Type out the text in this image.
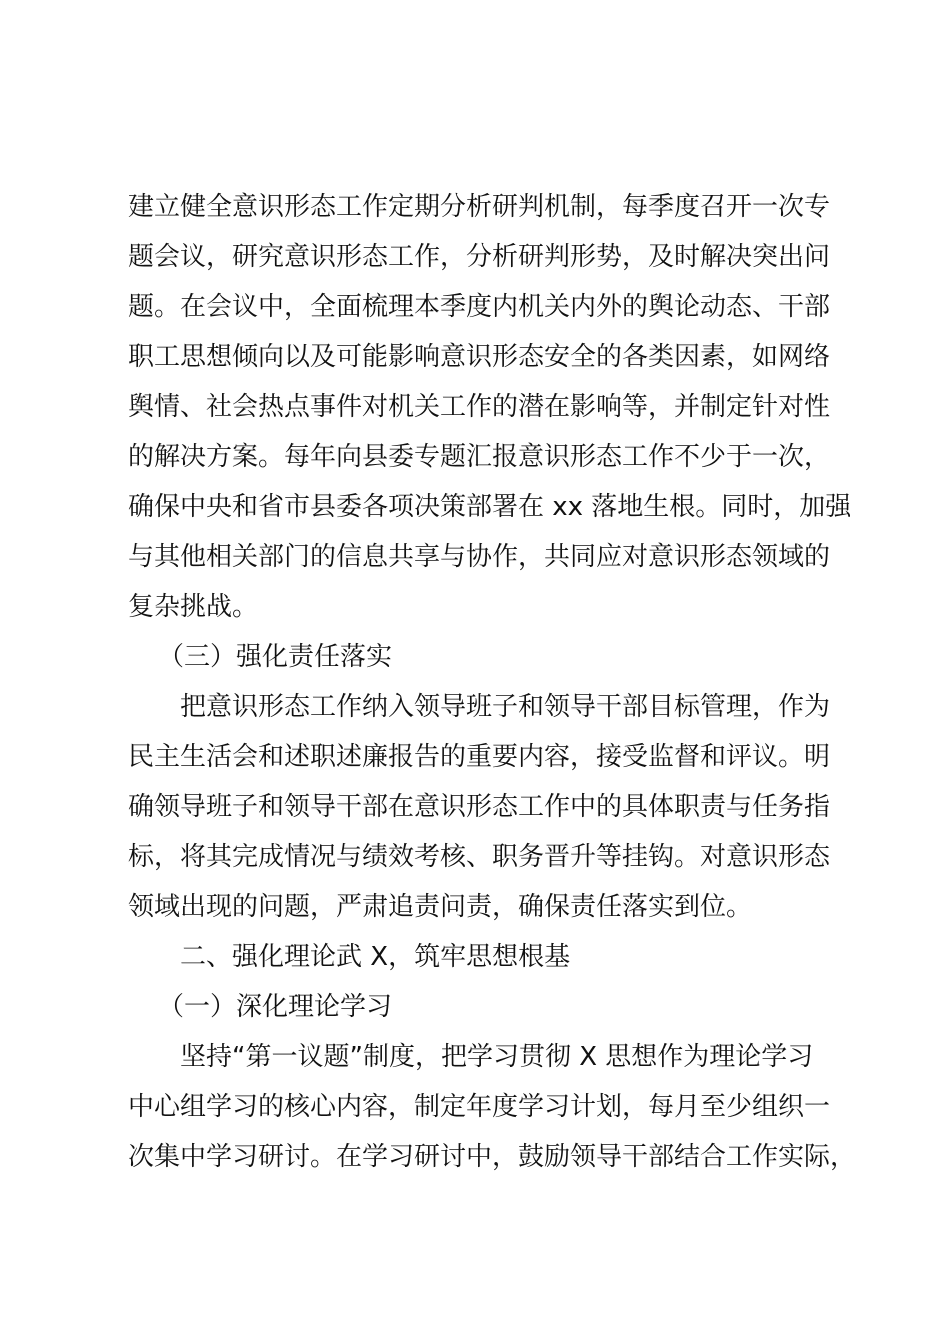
建立健全意识形态工作定期分析研判机制，每季度召开一次专
题会议，研究意识形态工作，分析研判形势，及时解决突出问
题。在会议中，全面梳理本季度内机关内外的舆论动态、干部
职工思想倾向以及可能影响意识形态安全的各类因素，如网络
舆情、社会热点事件对机关工作的潜在影响等，并制定针对性
的解决方案。每年向县委专题汇报意识形态工作不少于一次，
确保中央和省市县委各项决策部署在 xx 落地生根。同时，加强
与其他相关部门的信息共享与协作，共同应对意识形态领域的
复杂挑战。
（三）强化责任落实
把意识形态工作纳入领导班子和领导干部目标管理，作为
民主生活会和述职述廉报告的重要内容，接受监督和评议。明
确领导班子和领导干部在意识形态工作中的具体职责与任务指
标，将其完成情况与绩效考核、职务晋升等挂钩。对意识形态
领域出现的问题，严肃追责问责，确保责任落实到位。
二、强化理论武 X，筑牢思想根基
（一）深化理论学习
坚持“第一议题”制度，把学习贯彻 X 思想作为理论学习
中心组学习的核心内容，制定年度学习计划，每月至少组织一
次集中学习研讨。在学习研讨中，鼓励领导干部结合工作实际，
